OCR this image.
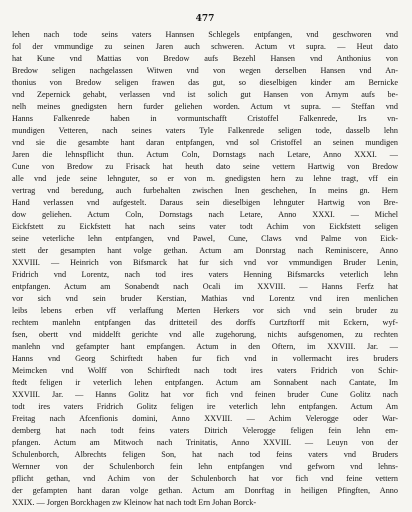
477
lehen nach tode seins vaters Hannsen Schlegels entpfangen, vnd geschworen vnd
fol der vmmundige zu seinen Jaren auch schweren. Actum vt supra. — Heut dato
hat Kune vnd Mattias von Bredow aufs Bezehl Hansen vnd Anthonius von
Bredow seligen nachgelassen Witwen vnd von wegen derselben Hansen vnd An-
thonius von Bredow seligen frawen das gut, so dieselbigen kinder am Bernicke
vnd Zepernick gehabt, verlassen vnd ist solich gut Hansen von Arnym aufs be-
nelh meines gnedigsten hern furder geliehen worden. Actum vt supra. — Steffan vnd
Hanns Falkenrede haben in vormuntschafft Cristoffel Falkenrede, Irs vn-
mundigen Vetteren, nach seines vaters Tyle Falkenrede seligen tode, dasselb lehn
vnd sie die gesambte hant daran entpfangen, vnd sol Cristoffel an seinen mundigen
Jaren die lehnspflicht thun. Actum Coln, Dornstags nach Letare, Anno XXXI. —
Cune von Bredow zu Frisack hat heuth dato seine vettern Hartwig von Bredow
alle vnd jede seine lehnguter, so er von m. gnedigsten hern zu lehne tragt, vff ein
vertrag vnd beredung, auch furbehalten zwischen Inen geschehen, In meins gn. Hern
Hand verlassen vnd aufgestelt. Daraus sein dieselbigen lehnguter Hartwig von Bre-
dow geliehen. Actum Coln, Dornstags nach Letare, Anno XXXI. — Michel
Eickfstett zu Eickfstett hat nach seins vater todt Achim von Eickfstett seligen
seine veterliche lehn entpfangen, vnd Pawel, Cune, Claws vnd Palme von Eick-
stett der gesampten hant volge gethan. Actum am Donrstag nach Reminiscere, Anno
XXVIII. — Heinrich von Bifsmarck hat fur sich vnd vor vmmundigen Bruder Lenin,
Fridrich vnd Lorentz, nach tod ires vaters Henning Bifsmarcks veterlich lehn
entpfangen. Actum am Sonabendt nach Ocali im XXVIII. — Hanns Ferfz hat
vor sich vnd sein bruder Kerstian, Mathias vnd Lorentz vnd iren menlichen
leibs lebens erben vff verlaffung Merten Herkers vor sich vnd sein bruder zu
rechtem manlehn entpfangen das dritteteil des dorffs Curtzftorff mit Eckern, wyf-
fsen, obertt vnd middelft gerichte vnd alle zugehorung, nichts aufsgenomen, zu rechten
manlehn vnd gefampter hant empfangen. Actum in den Oftern, im XXVIII. Jar. —
Hanns vnd Georg Schirftedt haben fur fich vnd in vollermacht ires bruders
Meimcken vnd Wolff von Schirftedt nach todt ires vaters Fridrich von Schir-
ftedt feligen ir veterlich lehen entpfangen. Actum am Sonnabent nach Cantate, Im
XXVIII. Jar. — Hanns Golitz hat vor fich vnd feinen bruder Cune Golitz nach
todt ires vaters Fridrich Golitz feligen ire veterlich lehn entpfangen. Actum Am
Freitag nach Afcenfionis domini, Anno XXVIII. — Achim Velerogge oder War-
demberg hat nach todt feins vaters Ditrich Velerogge feligen fein lehn em-
pfangen. Actum am Mitwoch nach Trinitatis, Anno XXVIII. — Leuyn von der
Schulenborch, Albrechts feligen Son, hat nach tod feins vaters vnd Bruders
Wernner von der Schulenborch fein lehn entpfangen vnd gefworn vnd lehns-
pflicht gethan, vnd Achim von der Schulenborch hat vor fich vnd feine vettern
der gefampten hant daran volge gethan. Actum am Donrftag in heiligen Pfingften, Anno
XXIX. — Jorgen Borckhagen zw Kleinow hat nach todt Ern Johan Borck-
